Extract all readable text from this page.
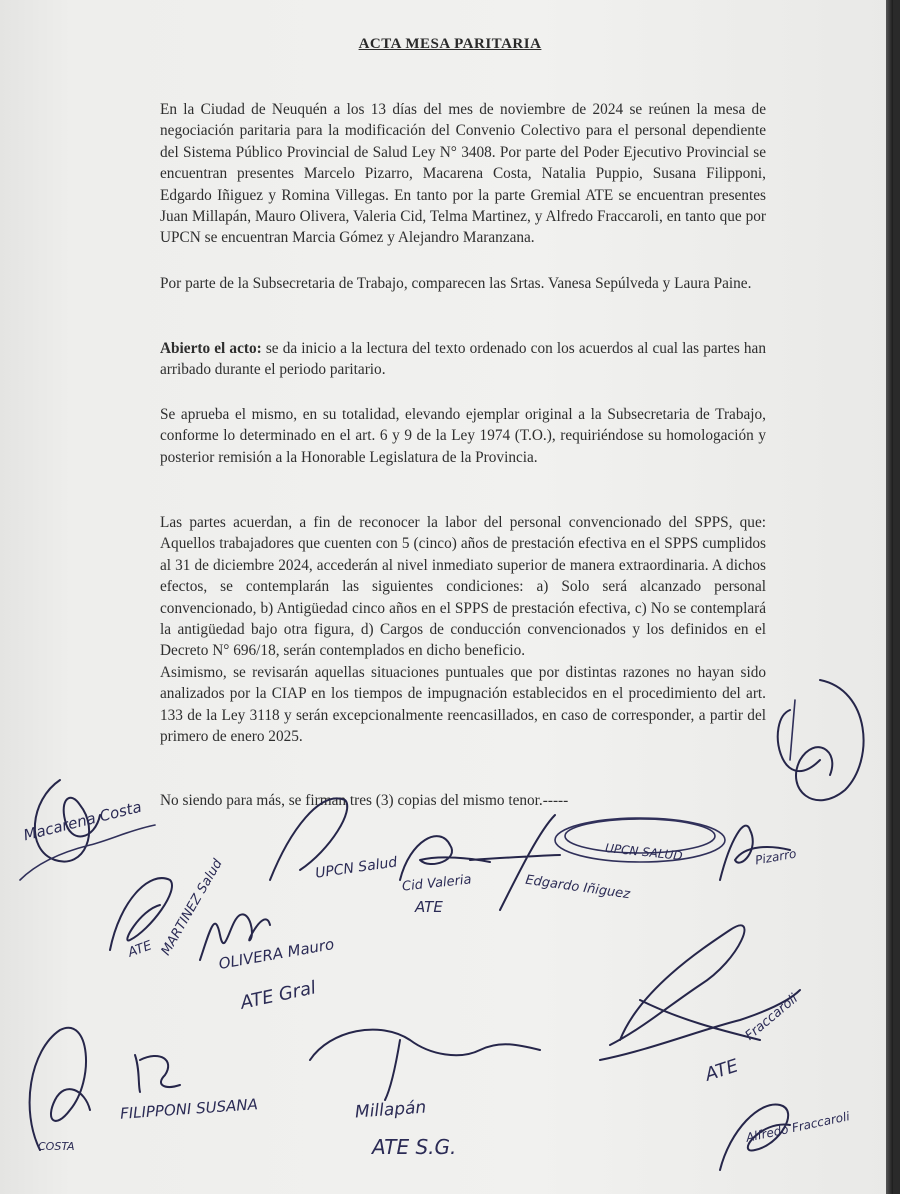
ACTA MESA PARITARIA

En la Ciudad de Neuquén a los 13 días del mes de noviembre de 2024 se reúnen la mesa de negociación paritaria para la modificación del Convenio Colectivo para el personal dependiente del Sistema Público Provincial de Salud Ley N° 3408. Por parte del Poder Ejecutivo Provincial se encuentran presentes Marcelo Pizarro, Macarena Costa, Natalia Puppio, Susana Filipponi, Edgardo Iñiguez y Romina Villegas. En tanto por la parte Gremial ATE se encuentran presentes Juan Millapán, Mauro Olivera, Valeria Cid, Telma Martinez, y Alfredo Fraccaroli, en tanto que por UPCN se encuentran Marcia Gómez y Alejandro Maranzana.

Por parte de la Subsecretaria de Trabajo, comparecen las Srtas. Vanesa Sepúlveda y Laura Paine.

Abierto el acto: se da inicio a la lectura del texto ordenado con los acuerdos al cual las partes han arribado durante el periodo paritario.

Se aprueba el mismo, en su totalidad, elevando ejemplar original a la Subsecretaria de Trabajo, conforme lo determinado en el art. 6 y 9 de la Ley 1974 (T.O.), requiriéndose su homologación y posterior remisión a la Honorable Legislatura de la Provincia.

Las partes acuerdan, a fin de reconocer la labor del personal convencionado del SPPS, que: Aquellos trabajadores que cuenten con 5 (cinco) años de prestación efectiva en el SPPS cumplidos al 31 de diciembre 2024, accederán al nivel inmediato superior de manera extraordinaria. A dichos efectos, se contemplarán las siguientes condiciones: a) Solo será alcanzado personal convencionado, b) Antigüedad cinco años en el SPPS de prestación efectiva, c) No se contemplará la antigüedad bajo otra figura, d) Cargos de conducción convencionados y los definidos en el Decreto N° 696/18, serán contemplados en dicho beneficio.

Asimismo, se revisarán aquellas situaciones puntuales que por distintas razones no hayan sido analizados por la CIAP en los tiempos de impugnación establecidos en el procedimiento del art. 133 de la Ley 3118 y serán excepcionalmente reencasillados, en caso de corresponder, a partir del primero de enero 2025.

No siendo para más, se firman tres (3) copias del mismo tenor.-----

Macarena Costa
MARTINEZ Salud
ATE	OLIVERA Mauro
ATE Gral
UPCN Salud
Cid Valeria
ATE
Edgardo Iñiguez
UPCN SALUD
FILIPPONI SUSANA
COSTA
Millapán
ATE S.G.
Fraccaroli
ATE
Pizarro
Alfredo Fraccaroli
